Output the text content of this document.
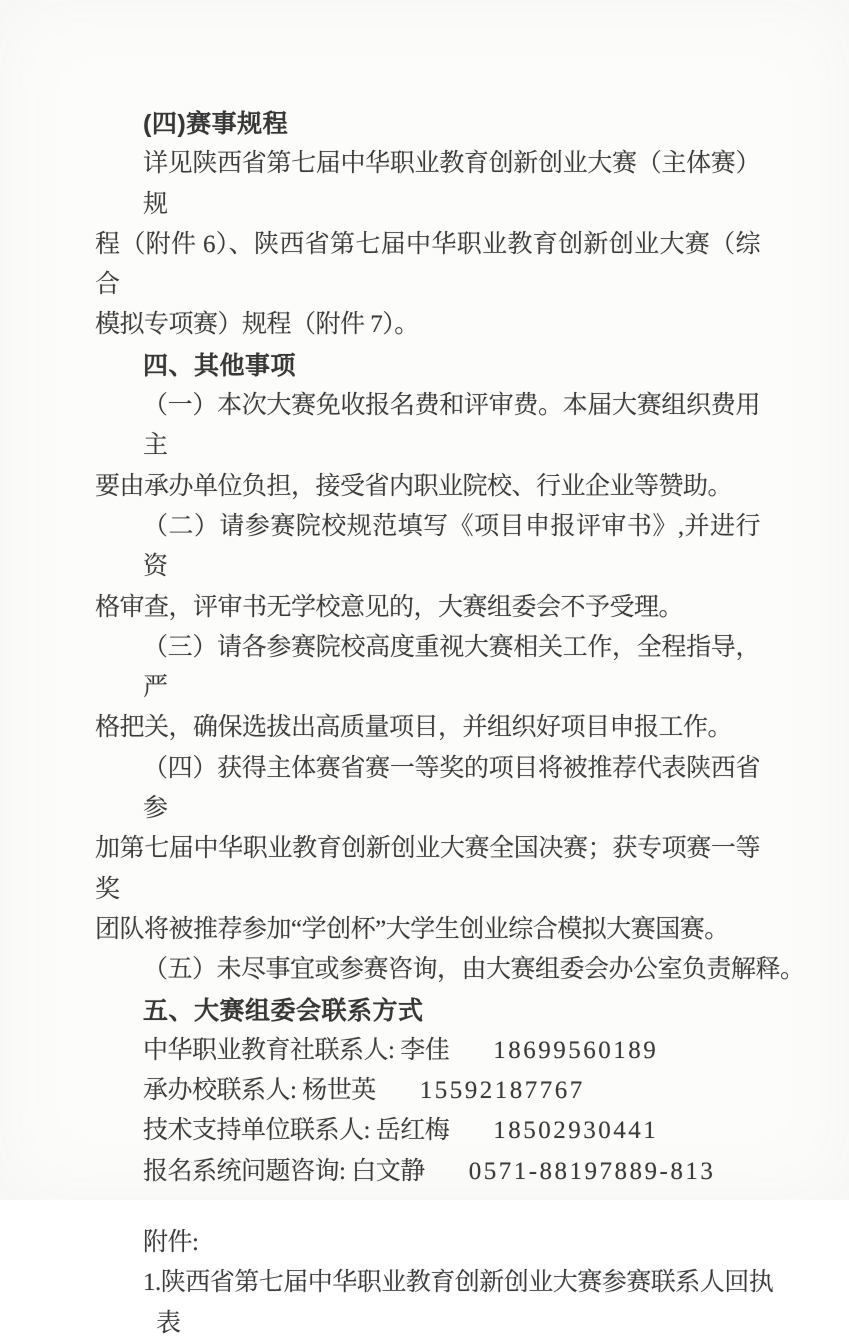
(四)赛事规程
详见陕西省第七届中华职业教育创新创业大赛（主体赛）规
程（附件 6）、陕西省第七届中华职业教育创新创业大赛（综合
模拟专项赛）规程（附件 7）。
四、其他事项
（一）本次大赛免收报名费和评审费。本届大赛组织费用主
要由承办单位负担，接受省内职业院校、行业企业等赞助。
（二）请参赛院校规范填写《项目申报评审书》,并进行资
格审查，评审书无学校意见的，大赛组委会不予受理。
（三）请各参赛院校高度重视大赛相关工作，全程指导，严
格把关，确保选拔出高质量项目，并组织好项目申报工作。
（四）获得主体赛省赛一等奖的项目将被推荐代表陕西省参
加第七届中华职业教育创新创业大赛全国决赛；获专项赛一等奖
团队将被推荐参加“学创杯”大学生创业综合模拟大赛国赛。
（五）未尽事宜或参赛咨询，由大赛组委会办公室负责解释。
五、大赛组委会联系方式
中华职业教育社联系人: 李佳 18699560189
承办校联系人: 杨世英 15592187767
技术支持单位联系人: 岳红梅 18502930441
报名系统问题咨询: 白文静 0571-88197889-813
附件:
1.陕西省第七届中华职业教育创新创业大赛参赛联系人回执
表
